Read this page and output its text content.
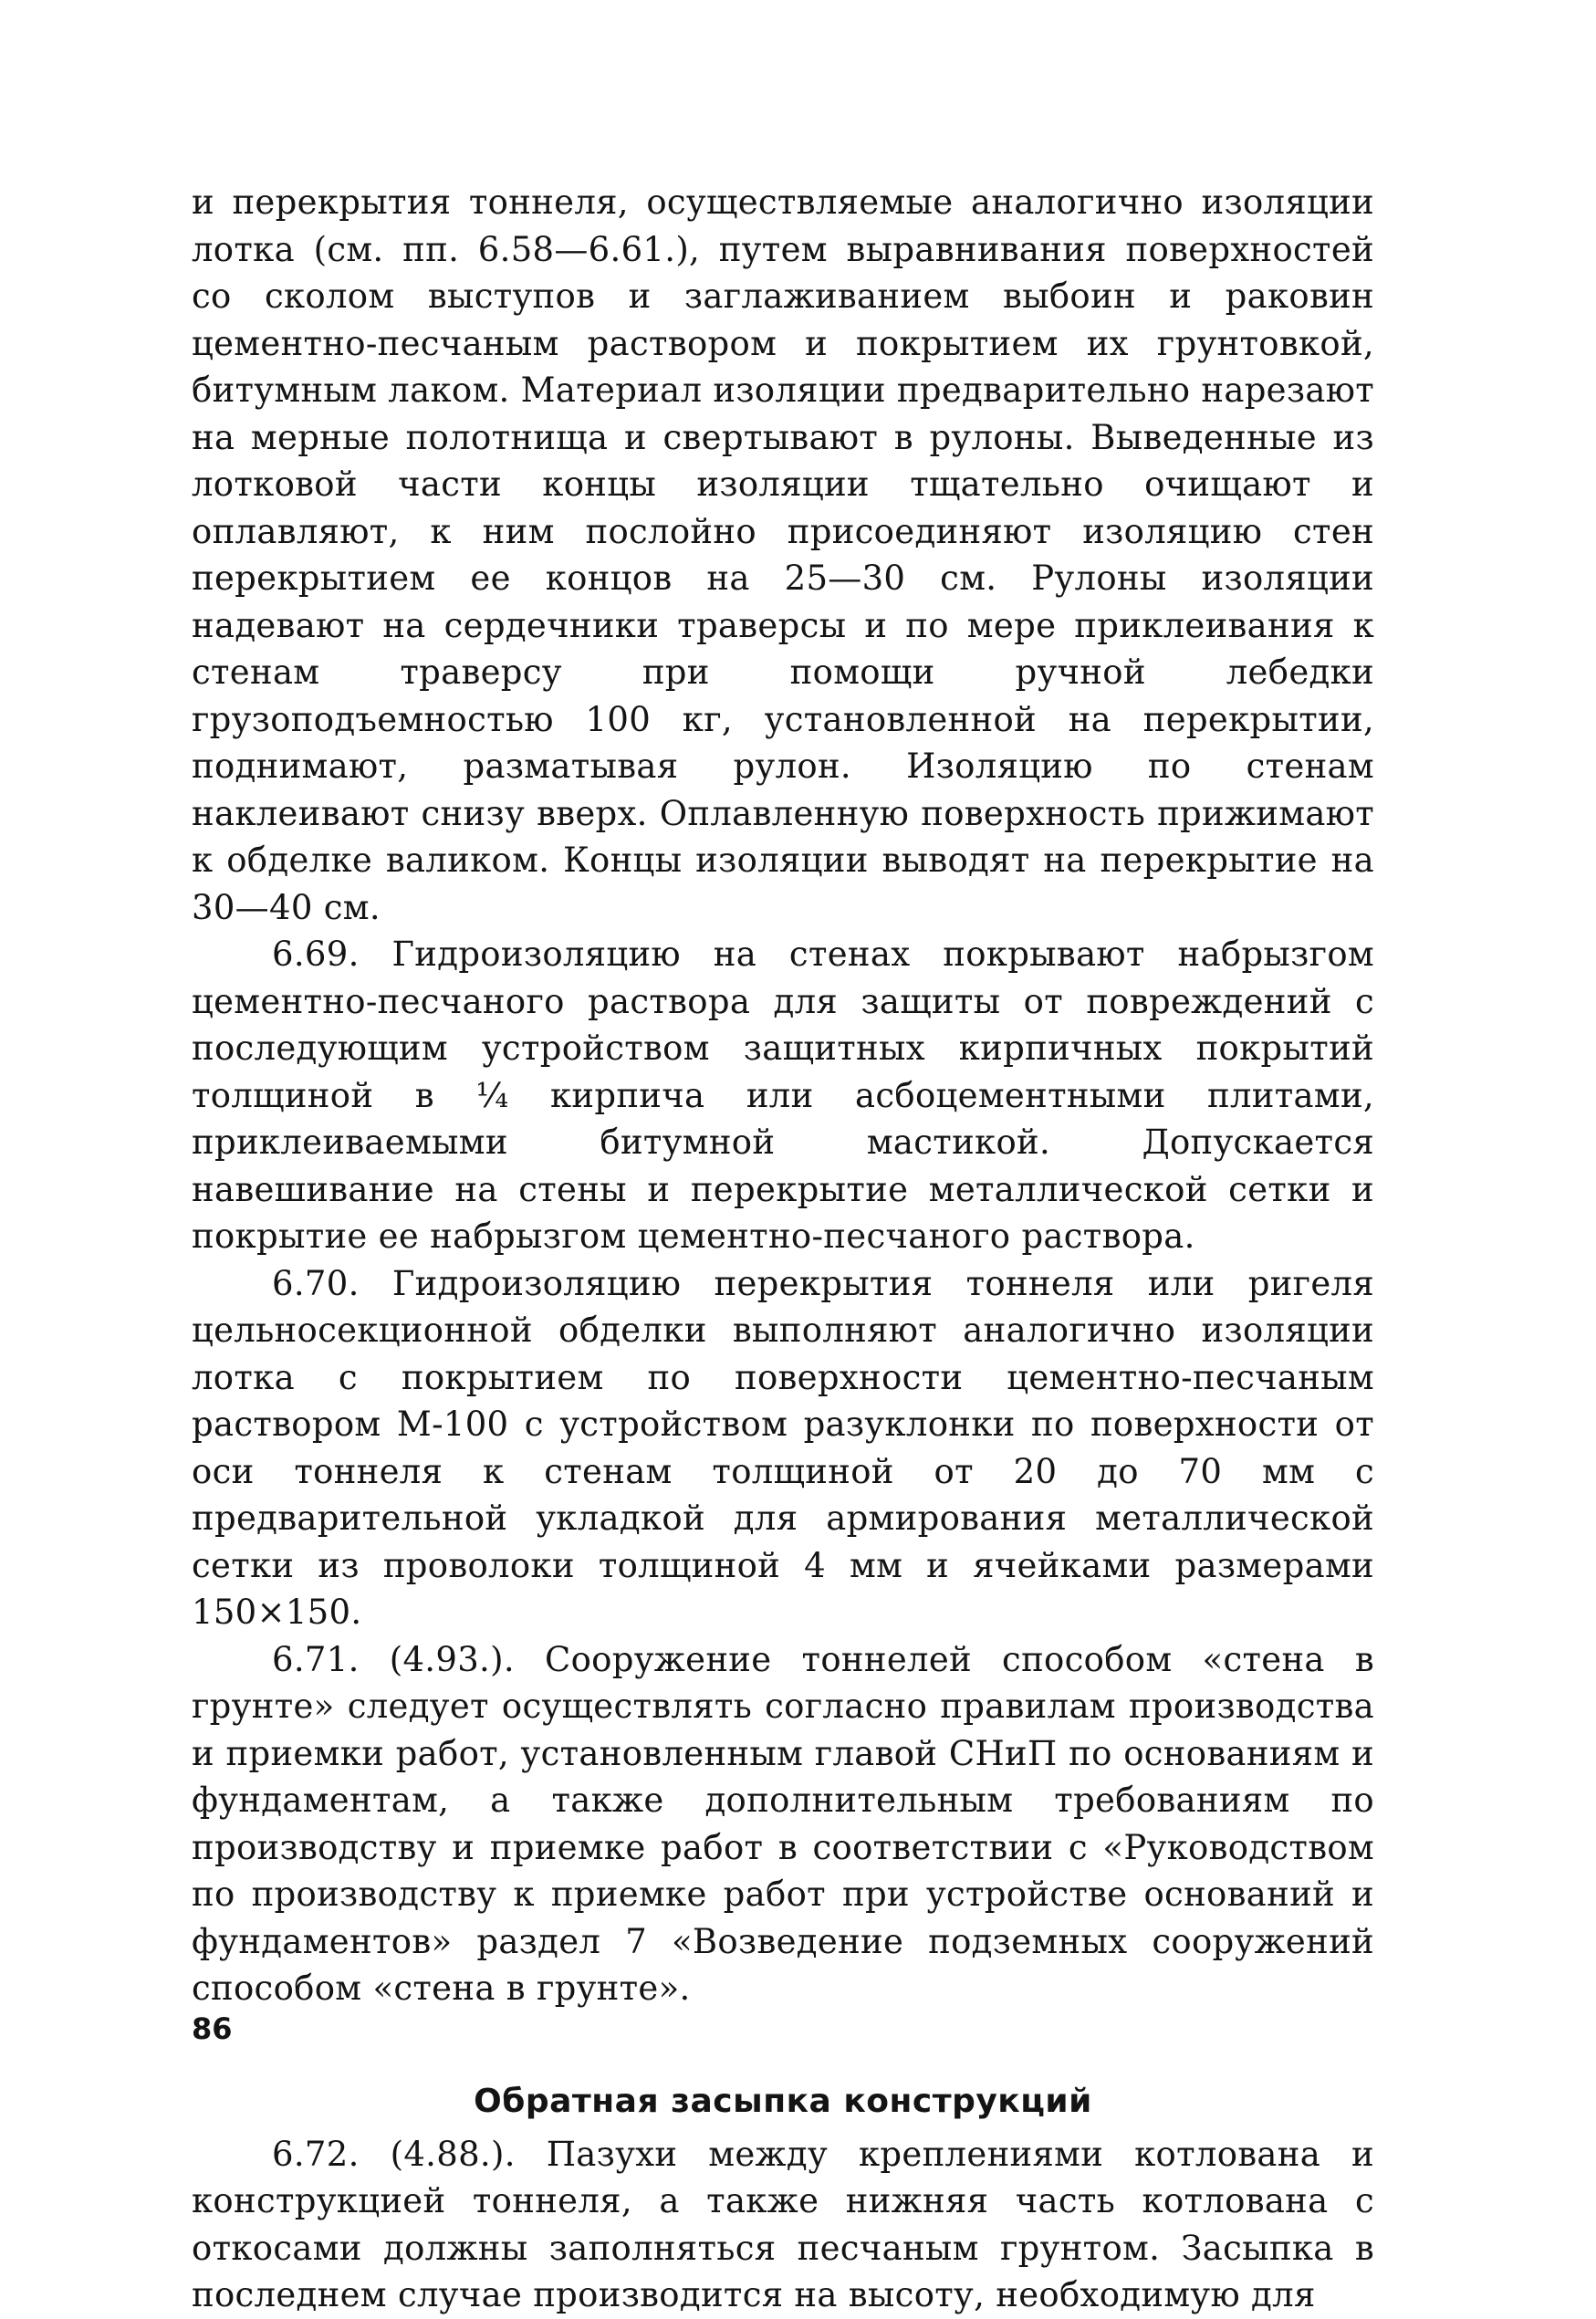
и перекрытия тоннеля, осуществляемые аналогично изоляции лотка (см. пп. 6.58—6.61.), путем выравнивания поверхностей со сколом выступов и заглаживанием выбоин и раковин цементно-песчаным раствором и покрытием их грунтовкой, битумным лаком. Материал изоляции предварительно нарезают на мерные полотнища и свертывают в рулоны. Выведенные из лотковой части концы изоляции тщательно очищают и оплавляют, к ним послойно присоединяют изоляцию стен перекрытием ее концов на 25—30 см. Рулоны изоляции надевают на сердечники траверсы и по мере приклеивания к стенам траверсу при помощи ручной лебедки грузоподъемностью 100 кг, установленной на перекрытии, поднимают, разматывая рулон. Изоляцию по стенам наклеивают снизу вверх. Оплавленную поверхность прижимают к обделке валиком. Концы изоляции выводят на перекрытие на 30—40 см.

6.69. Гидроизоляцию на стенах покрывают набрызгом цементно-песчаного раствора для защиты от повреждений с последующим устройством защитных кирпичных покрытий толщиной в ¼ кирпича или асбоцементными плитами, приклеиваемыми битумной мастикой. Допускается навешивание на стены и перекрытие металлической сетки и покрытие ее набрызгом цементно-песчаного раствора.

6.70. Гидроизоляцию перекрытия тоннеля или ригеля цельносекционной обделки выполняют аналогично изоляции лотка с покрытием по поверхности цементно-песчаным раствором М-100 с устройством разуклонки по поверхности от оси тоннеля к стенам толщиной от 20 до 70 мм с предварительной укладкой для армирования металлической сетки из проволоки толщиной 4 мм и ячейками размерами 150×150.

6.71. (4.93.). Сооружение тоннелей способом «стена в грунте» следует осуществлять согласно правилам производства и приемки работ, установленным главой СНиП по основаниям и фундаментам, а также дополнительным требованиям по производству и приемке работ в соответствии с «Руководством по производству к приемке работ при устройстве оснований и фундаментов» раздел 7 «Возведение подземных сооружений способом «стена в грунте».

Обратная засыпка конструкций

6.72. (4.88.). Пазухи между креплениями котлована и конструкцией тоннеля, а также нижняя часть котлована с откосами должны заполняться песчаным грунтом. Засыпка в последнем случае производится на высоту, необходимую для

86
